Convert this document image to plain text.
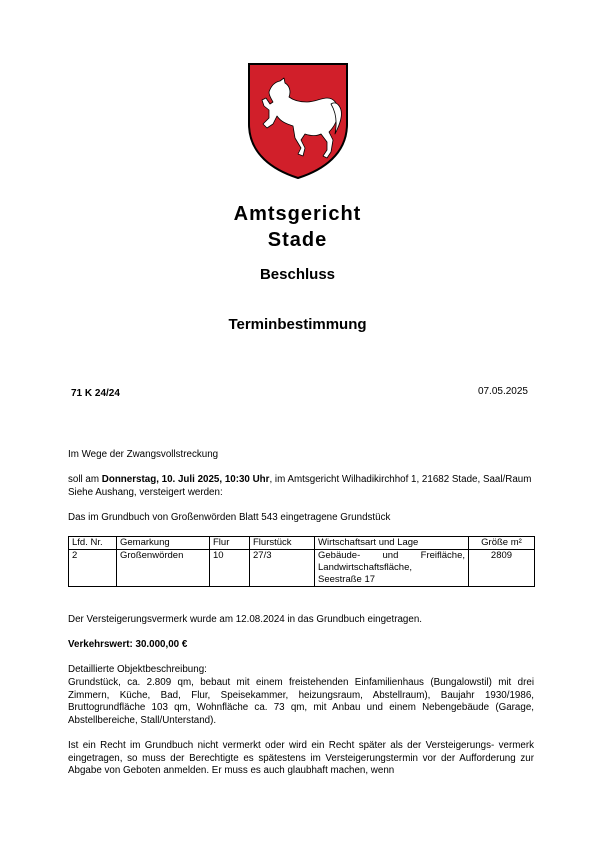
Amtsgericht
Stade
Beschluss
Terminbestimmung
71 K 24/24	07.05.2025
Im Wege der Zwangsvollstreckung
soll am Donnerstag, 10. Juli 2025, 10:30 Uhr, im Amtsgericht Wilhadikirchhof 1, 21682 Stade, Saal/Raum Siehe Aushang, versteigert werden:
Das im Grundbuch von Großenwörden Blatt 543 eingetragene Grundstück
Lfd. Nr.	Gemarkung	Flur	Flurstück	Wirtschaftsart und Lage	Größe m²
2	Großenwörden	10	27/3	Gebäude- und Freifläche,
Landwirtschaftsfläche,
Seestraße 17	2809
Der Versteigerungsvermerk wurde am 12.08.2024 in das Grundbuch eingetragen.
Verkehrswert: 30.000,00 €
Detaillierte Objektbeschreibung:
Grundstück, ca. 2.809 qm, bebaut mit einem freistehenden Einfamilienhaus (Bungalowstil) mit drei Zimmern, Küche, Bad, Flur, Speisekammer, heizungsraum, Abstellraum), Baujahr 1930/1986, Bruttogrundfläche 103 qm, Wohnfläche ca. 73 qm, mit Anbau und einem Nebengebäude (Garage, Abstellbereiche, Stall/Unterstand).
Ist ein Recht im Grundbuch nicht vermerkt oder wird ein Recht später als der Versteigerungs- vermerk eingetragen, so muss der Berechtigte es spätestens im Versteigerungstermin vor der Aufforderung zur Abgabe von Geboten anmelden. Er muss es auch glaubhaft machen, wenn
